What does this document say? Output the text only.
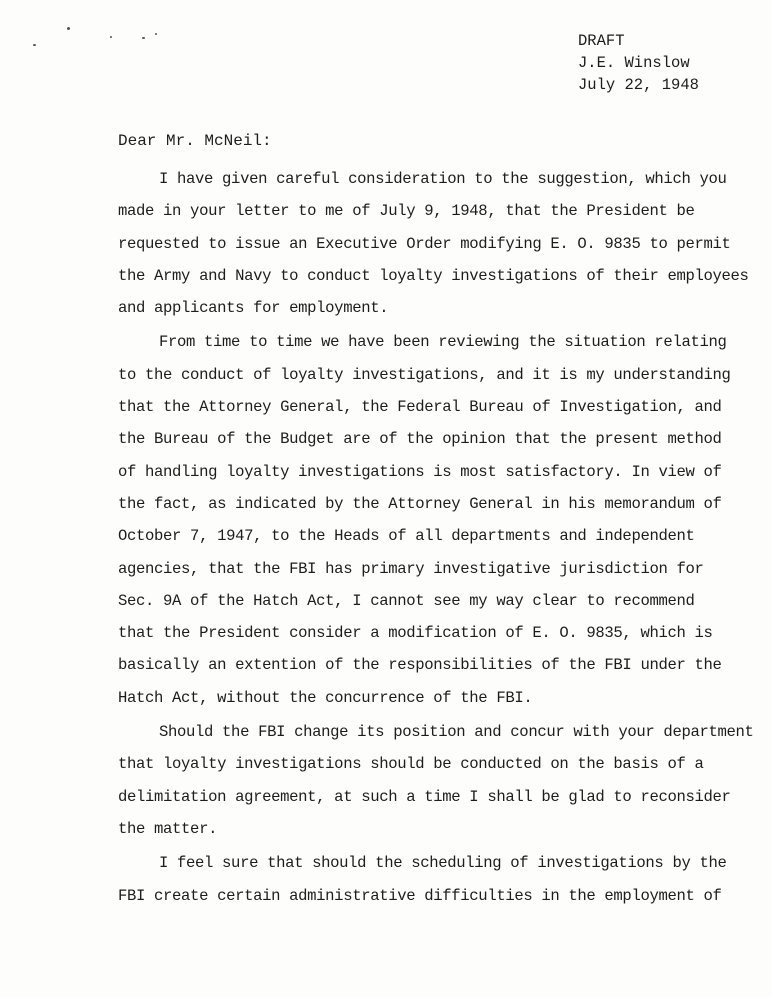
DRAFT
J.E. Winslow
July 22, 1948
Dear Mr. McNeil:
I have given careful consideration to the suggestion, which you
made in your letter to me of July 9, 1948, that the President be
requested to issue an Executive Order modifying E. O. 9835 to permit
the Army and Navy to conduct loyalty investigations of their employees
and applicants for employment.
From time to time we have been reviewing the situation relating
to the conduct of loyalty investigations, and it is my understanding
that the Attorney General, the Federal Bureau of Investigation, and
the Bureau of the Budget are of the opinion that the present method
of handling loyalty investigations is most satisfactory. In view of
the fact, as indicated by the Attorney General in his memorandum of
October 7, 1947, to the Heads of all departments and independent
agencies, that the FBI has primary investigative jurisdiction for
Sec. 9A of the Hatch Act, I cannot see my way clear to recommend
that the President consider a modification of E. O. 9835, which is
basically an extention of the responsibilities of the FBI under the
Hatch Act, without the concurrence of the FBI.
Should the FBI change its position and concur with your department
that loyalty investigations should be conducted on the basis of a
delimitation agreement, at such a time I shall be glad to reconsider
the matter.
I feel sure that should the scheduling of investigations by the
FBI create certain administrative difficulties in the employment of
